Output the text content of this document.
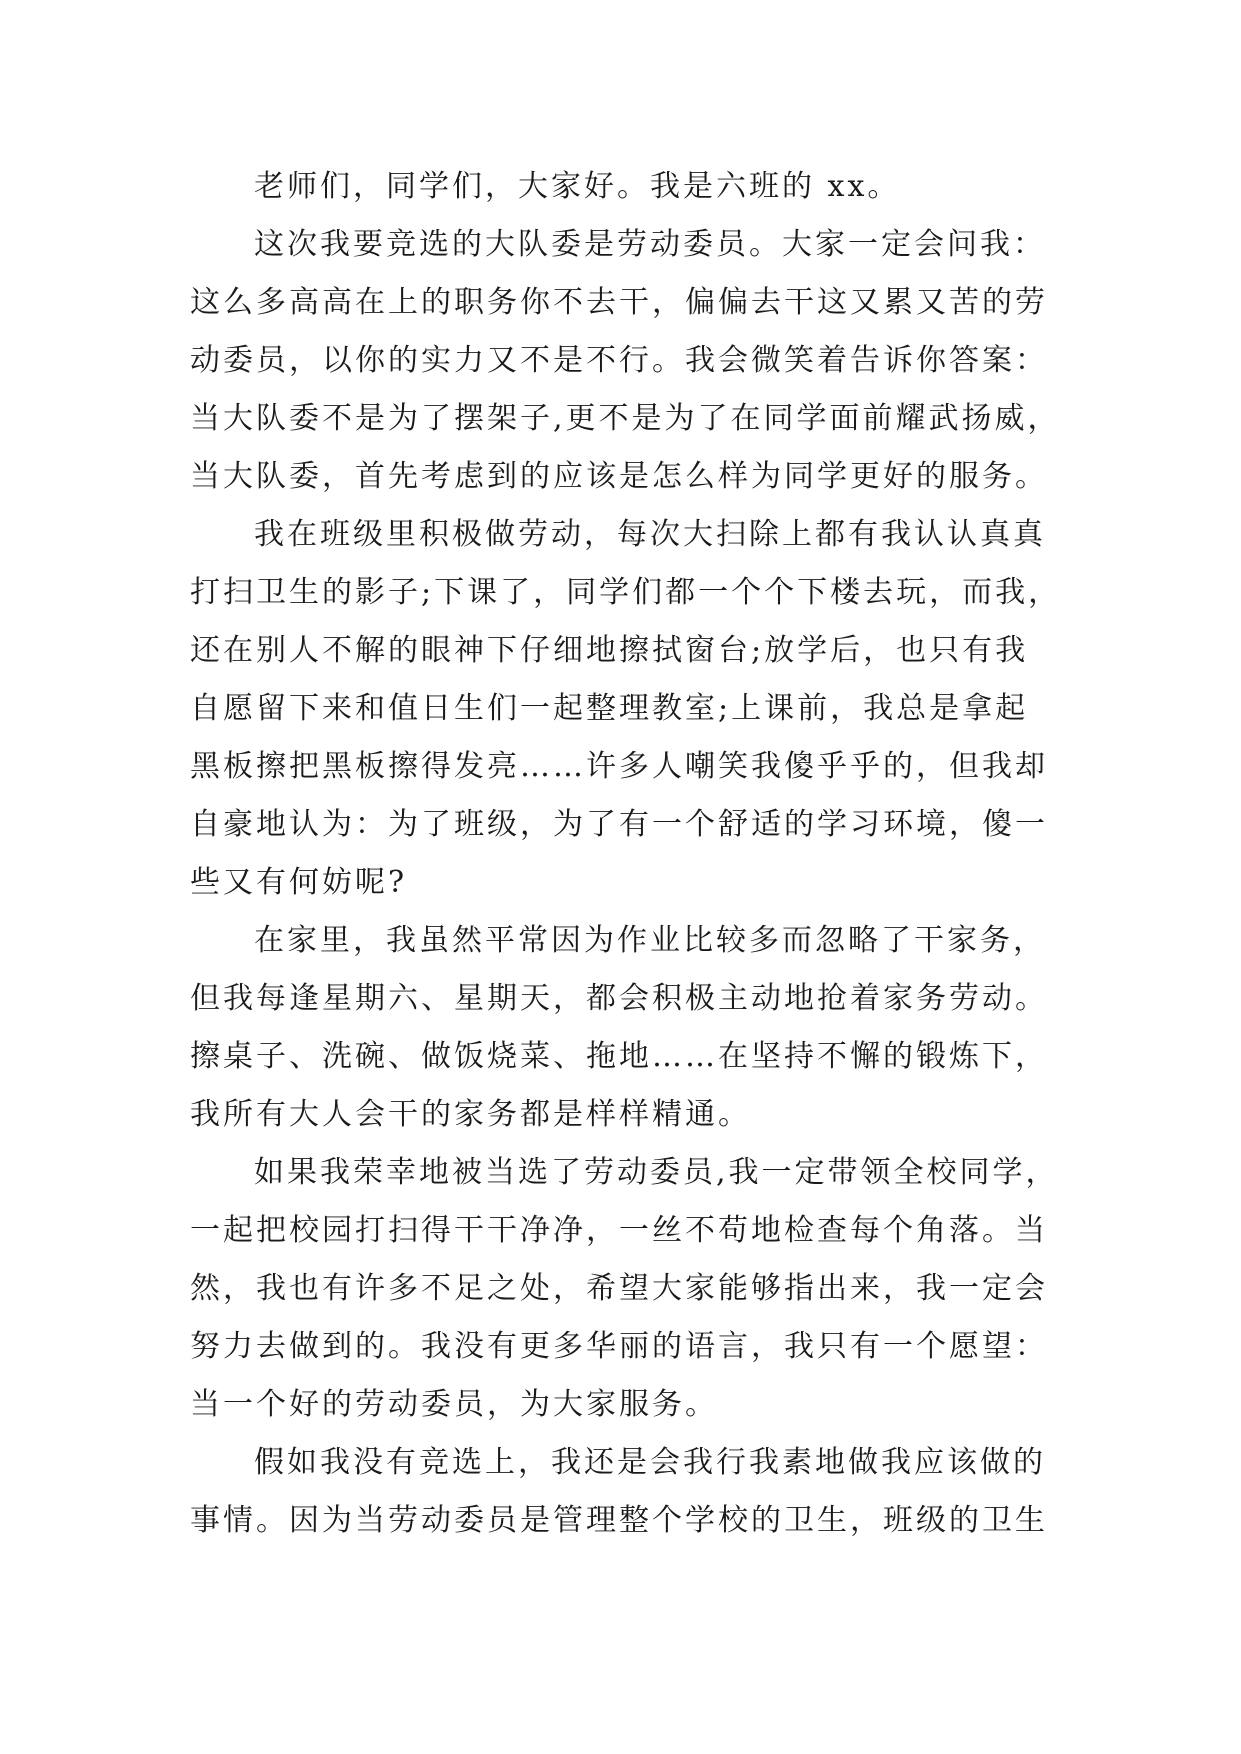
老师们，同学们，大家好。我是六班的 xx。
这次我要竞选的大队委是劳动委员。大家一定会问我：
这么多高高在上的职务你不去干，偏偏去干这又累又苦的劳
动委员，以你的实力又不是不行。我会微笑着告诉你答案：
当大队委不是为了摆架子,更不是为了在同学面前耀武扬威，
当大队委，首先考虑到的应该是怎么样为同学更好的服务。
我在班级里积极做劳动，每次大扫除上都有我认认真真
打扫卫生的影子;下课了，同学们都一个个下楼去玩，而我，
还在别人不解的眼神下仔细地擦拭窗台;放学后，也只有我
自愿留下来和值日生们一起整理教室;上课前，我总是拿起
黑板擦把黑板擦得发亮……许多人嘲笑我傻乎乎的，但我却
自豪地认为：为了班级，为了有一个舒适的学习环境，傻一
些又有何妨呢?
在家里，我虽然平常因为作业比较多而忽略了干家务，
但我每逢星期六、星期天，都会积极主动地抢着家务劳动。
擦桌子、洗碗、做饭烧菜、拖地……在坚持不懈的锻炼下，
我所有大人会干的家务都是样样精通。
如果我荣幸地被当选了劳动委员,我一定带领全校同学，
一起把校园打扫得干干净净，一丝不苟地检查每个角落。当
然，我也有许多不足之处，希望大家能够指出来，我一定会
努力去做到的。我没有更多华丽的语言，我只有一个愿望：
当一个好的劳动委员，为大家服务。
假如我没有竞选上，我还是会我行我素地做我应该做的
事情。因为当劳动委员是管理整个学校的卫生，班级的卫生
